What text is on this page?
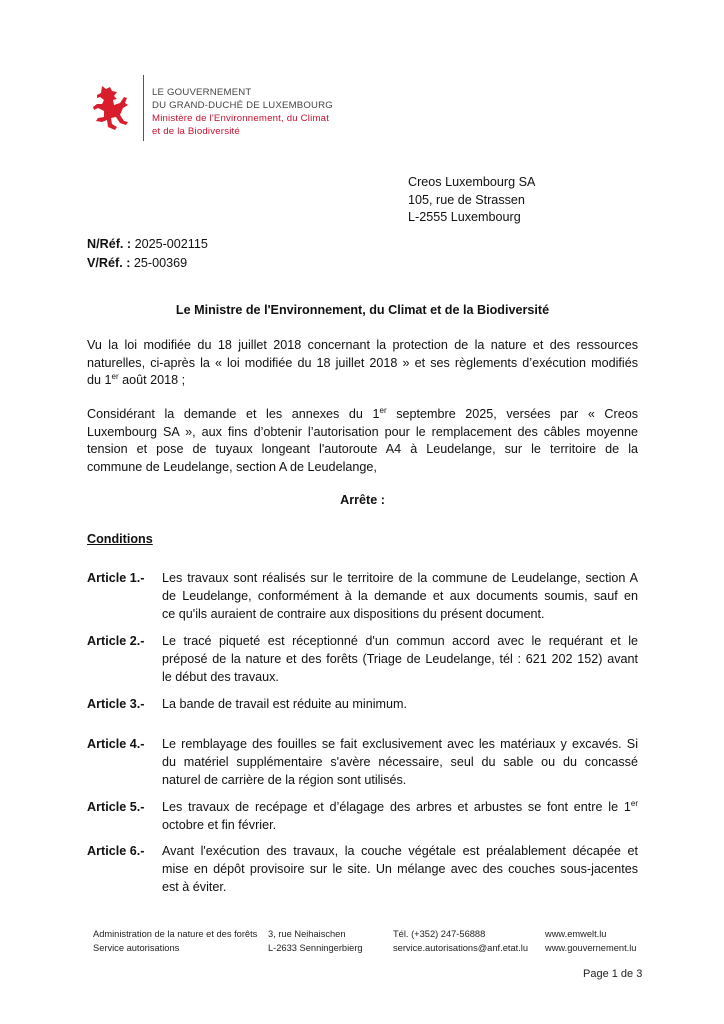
LE GOUVERNEMENT
DU GRAND-DUCHÉ DE LUXEMBOURG
Ministère de l'Environnement, du Climat
et de la Biodiversité
Creos Luxembourg SA
105, rue de Strassen
L-2555 Luxembourg
N/Réf. : 2025-002115
V/Réf. : 25-00369
Le Ministre de l'Environnement, du Climat et de la Biodiversité
Vu la loi modifiée du 18 juillet 2018 concernant la protection de la nature et des ressources
naturelles, ci-après la « loi modifiée du 18 juillet 2018 » et ses règlements d’exécution modifiés
du 1er août 2018 ;
Considérant la demande et les annexes du 1er septembre 2025, versées par « Creos
Luxembourg SA », aux fins d’obtenir l’autorisation pour le remplacement des câbles moyenne
tension et pose de tuyaux longeant l'autoroute A4 à Leudelange, sur le territoire de la
commune de Leudelange, section A de Leudelange,
Arrête :
Conditions
Article 1.- Les travaux sont réalisés sur le territoire de la commune de Leudelange, section A
de Leudelange, conformément à la demande et aux documents soumis, sauf en
ce qu'ils auraient de contraire aux dispositions du présent document.
Article 2.- Le tracé piqueté est réceptionné d'un commun accord avec le requérant et le
préposé de la nature et des forêts (Triage de Leudelange, tél : 621 202 152) avant
le début des travaux.
Article 3.- La bande de travail est réduite au minimum.
Article 4.- Le remblayage des fouilles se fait exclusivement avec les matériaux y excavés. Si
du matériel supplémentaire s'avère nécessaire, seul du sable ou du concassé
naturel de carrière de la région sont utilisés.
Article 5.- Les travaux de recépage et d’élagage des arbres et arbustes se font entre le 1er
octobre et fin février.
Article 6.- Avant l'exécution des travaux, la couche végétale est préalablement décapée et
mise en dépôt provisoire sur le site. Un mélange avec des couches sous-jacentes
est à éviter.
Administration de la nature et des forêts
Service autorisations
3, rue Neihaischen
L-2633 Senningerbierg
Tél. (+352) 247-56888
service.autorisations@anf.etat.lu
www.emwelt.lu
www.gouvernement.lu
Page 1 de 3
